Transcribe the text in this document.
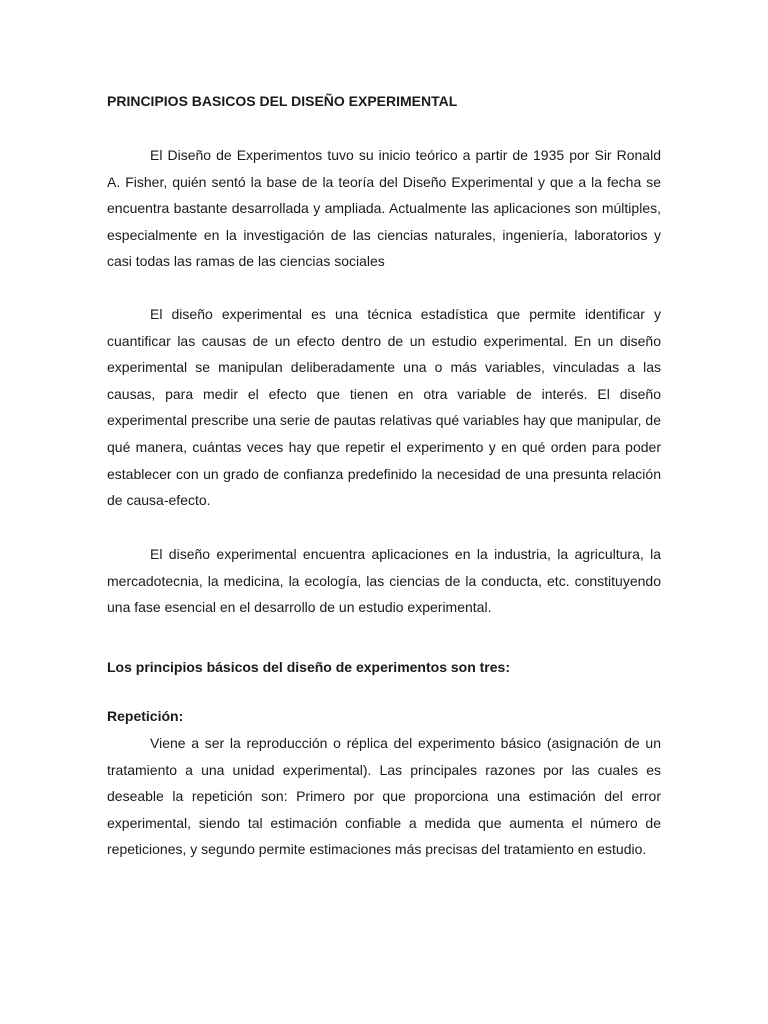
PRINCIPIOS BASICOS DEL DISEÑO EXPERIMENTAL

El Diseño de Experimentos tuvo su inicio teórico a partir de 1935 por Sir Ronald A. Fisher, quién sentó la base de la teoría del Diseño Experimental y que a la fecha se encuentra bastante desarrollada y ampliada. Actualmente las aplicaciones son múltiples, especialmente en la investigación de las ciencias naturales, ingeniería, laboratorios y casi todas las ramas de las ciencias sociales

El diseño experimental es una técnica estadística que permite identificar y cuantificar las causas de un efecto dentro de un estudio experimental. En un diseño experimental se manipulan deliberadamente una o más variables, vinculadas a las causas, para medir el efecto que tienen en otra variable de interés. El diseño experimental prescribe una serie de pautas relativas qué variables hay que manipular, de qué manera, cuántas veces hay que repetir el experimento y en qué orden para poder establecer con un grado de confianza predefinido la necesidad de una presunta relación de causa-efecto.

El diseño experimental encuentra aplicaciones en la industria, la agricultura, la mercadotecnia, la medicina, la ecología, las ciencias de la conducta, etc. constituyendo una fase esencial en el desarrollo de un estudio experimental.

Los principios básicos del diseño de experimentos son tres:

Repetición:

Viene a ser la reproducción o réplica del experimento básico (asignación de un tratamiento a una unidad experimental). Las principales razones por las cuales es deseable la repetición son: Primero por que proporciona una estimación del error experimental, siendo tal estimación confiable a medida que aumenta el número de repeticiones, y segundo permite estimaciones más precisas del tratamiento en estudio.
